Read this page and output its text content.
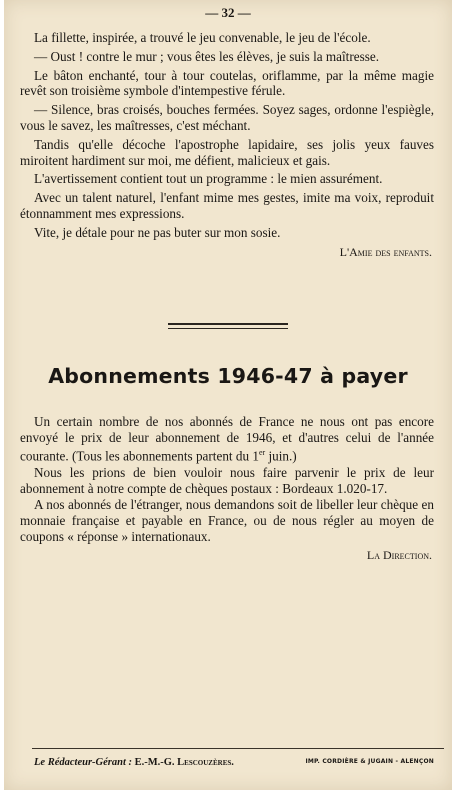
— 32 —

La fillette, inspirée, a trouvé le jeu convenable, le jeu de l'école.

— Oust ! contre le mur ; vous êtes les élèves, je suis la maîtresse.

Le bâton enchanté, tour à tour coutelas, oriflamme, par la même magie revêt son troisième symbole d'intempestive férule.

— Silence, bras croisés, bouches fermées. Soyez sages, ordonne l'espiègle, vous le savez, les maîtresses, c'est méchant.

Tandis qu'elle décoche l'apostrophe lapidaire, ses jolis yeux fauves miroitent hardiment sur moi, me défient, malicieux et gais.

L'avertissement contient tout un programme : le mien assurément.

Avec un talent naturel, l'enfant mime mes gestes, imite ma voix, reproduit étonnamment mes expressions.

Vite, je détale pour ne pas buter sur mon sosie.

L'Amie des enfants.
Abonnements 1946-47 à payer

Un certain nombre de nos abonnés de France ne nous ont pas encore envoyé le prix de leur abonnement de 1946, et d'autres celui de l'année courante. (Tous les abonnements partent du 1er juin.)

Nous les prions de bien vouloir nous faire parvenir le prix de leur abonnement à notre compte de chèques postaux : Bordeaux 1.020-17.

A nos abonnés de l'étranger, nous demandons soit de libeller leur chèque en monnaie française et payable en France, ou de nous régler au moyen de coupons « réponse » internationaux.

La Direction.
Le Rédacteur-Gérant : E.-M.-G. Lescouzères.	IMP. CORDIÈRE & JUGAIN - ALENÇON
